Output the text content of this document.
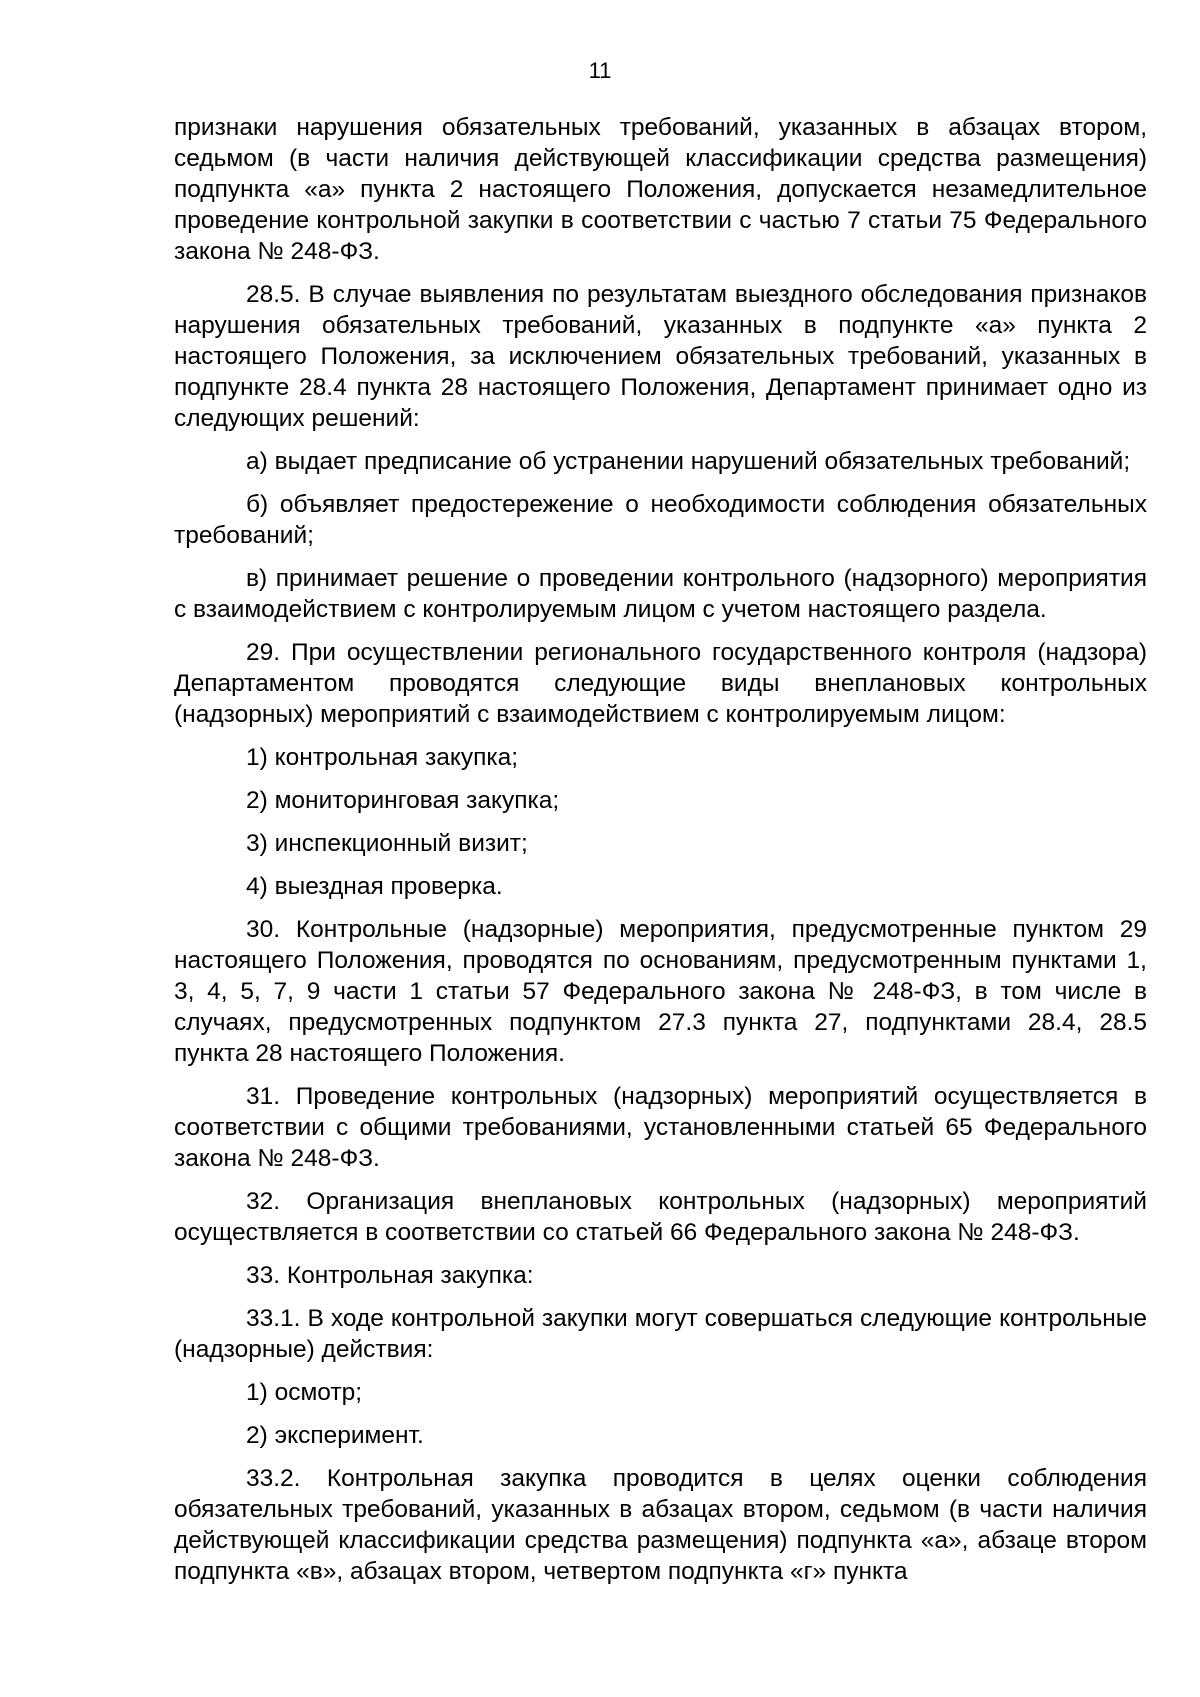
11

признаки нарушения обязательных требований, указанных в абзацах втором, седьмом (в части наличия действующей классификации средства размещения) подпункта «а» пункта 2 настоящего Положения, допускается незамедлительное проведение контрольной закупки в соответствии с частью 7 статьи 75 Федерального закона № 248-ФЗ.

28.5. В случае выявления по результатам выездного обследования признаков нарушения обязательных требований, указанных в подпункте «а» пункта 2 настоящего Положения, за исключением обязательных требований, указанных в подпункте 28.4 пункта 28 настоящего Положения, Департамент принимает одно из следующих решений:

а) выдает предписание об устранении нарушений обязательных требований;

б) объявляет предостережение о необходимости соблюдения обязательных требований;

в) принимает решение о проведении контрольного (надзорного) мероприятия с взаимодействием с контролируемым лицом с учетом настоящего раздела.

29. При осуществлении регионального государственного контроля (надзора) Департаментом проводятся следующие виды внеплановых контрольных (надзорных) мероприятий с взаимодействием с контролируемым лицом:

1) контрольная закупка;

2) мониторинговая закупка;

3) инспекционный визит;

4) выездная проверка.

30. Контрольные (надзорные) мероприятия, предусмотренные пунктом 29 настоящего Положения, проводятся по основаниям, предусмотренным пунктами 1, 3, 4, 5, 7, 9 части 1 статьи 57 Федерального закона № 248-ФЗ, в том числе в случаях, предусмотренных подпунктом 27.3 пункта 27, подпунктами 28.4, 28.5 пункта 28 настоящего Положения.

31. Проведение контрольных (надзорных) мероприятий осуществляется в соответствии с общими требованиями, установленными статьей 65 Федерального закона № 248-ФЗ.

32. Организация внеплановых контрольных (надзорных) мероприятий осуществляется в соответствии со статьей 66 Федерального закона № 248-ФЗ.

33. Контрольная закупка:

33.1. В ходе контрольной закупки могут совершаться следующие контрольные (надзорные) действия:

1) осмотр;

2) эксперимент.

33.2. Контрольная закупка проводится в целях оценки соблюдения обязательных требований, указанных в абзацах втором, седьмом (в части наличия действующей классификации средства размещения) подпункта «а», абзаце втором подпункта «в», абзацах втором, четвертом подпункта «г» пункта
